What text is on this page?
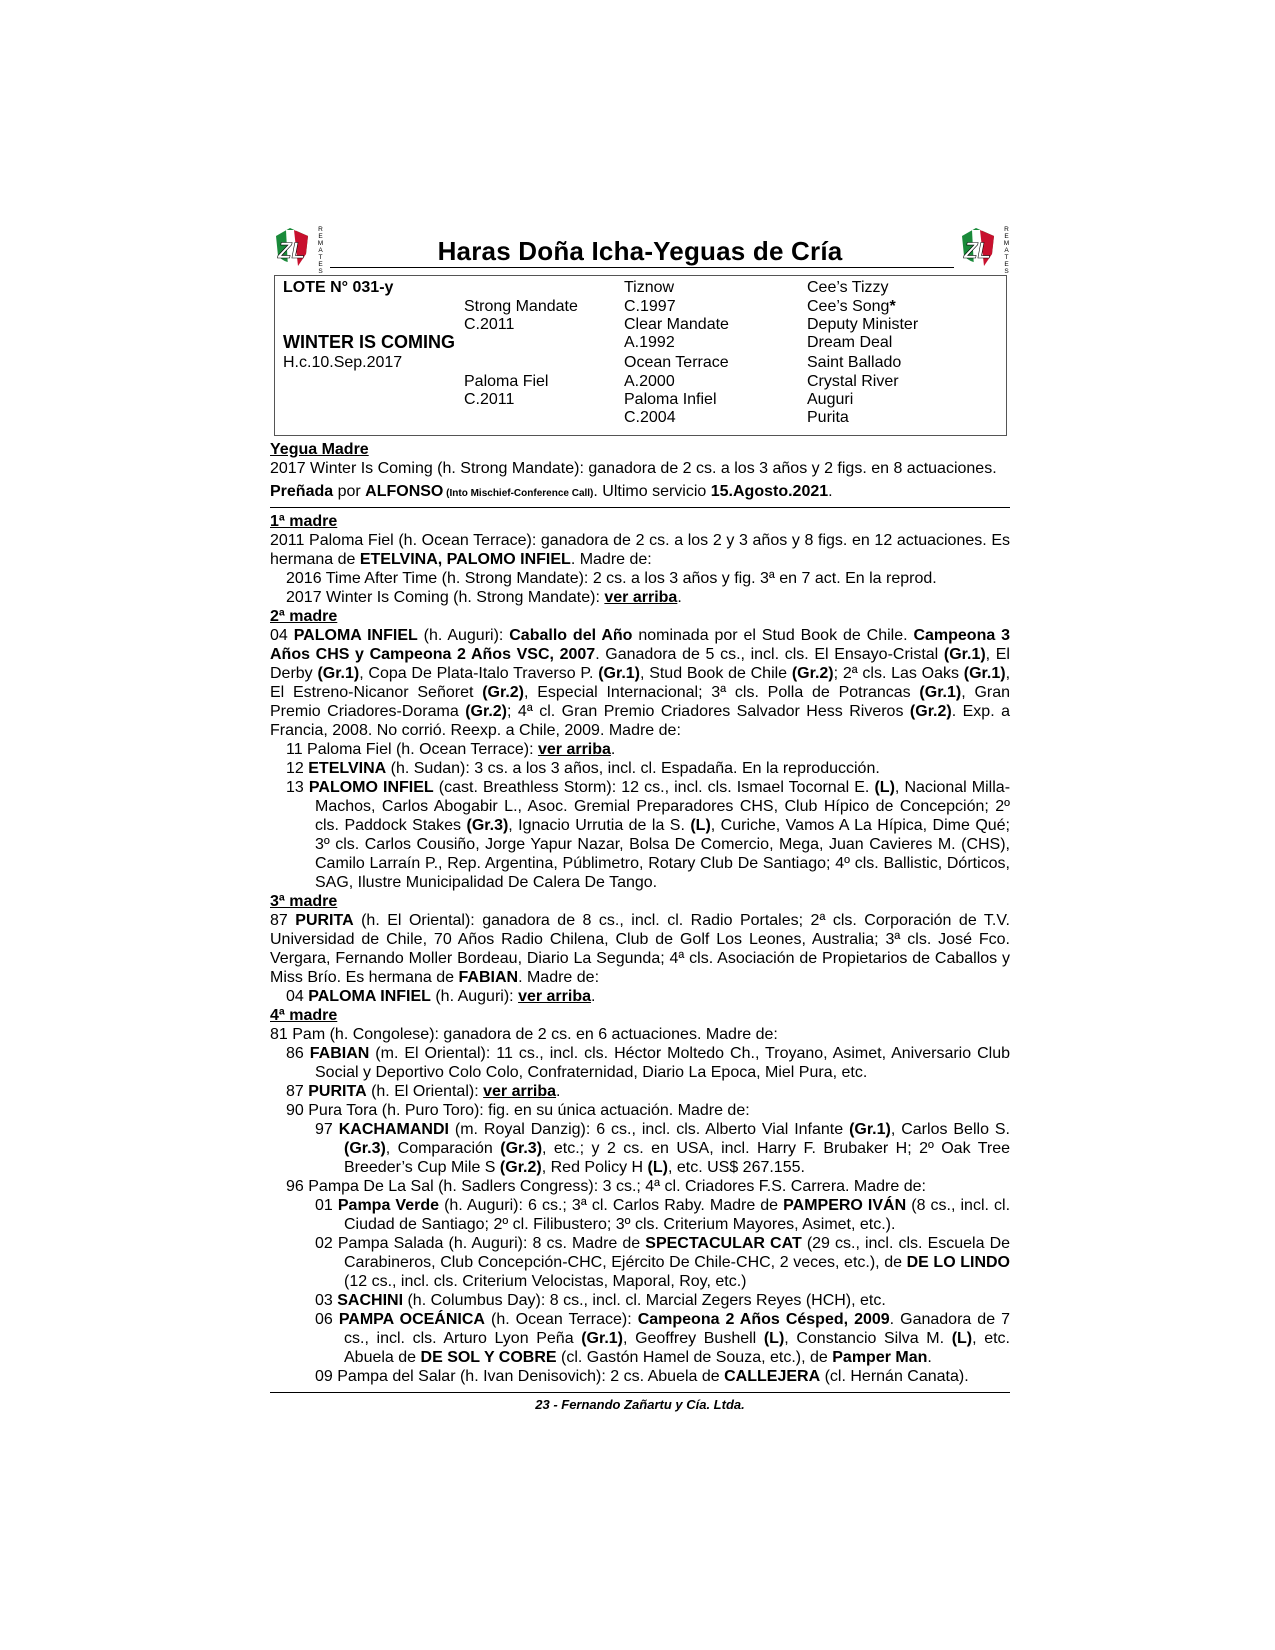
ZL
R
E
M
A
T
E
S
Haras Doña Icha-Yeguas de Cría	ZL
R
E
M
A
T
E
S
LOTE N° 031-y
WINTER IS COMING
H.c.10.Sep.2017
Strong Mandate
C.2011
Paloma Fiel
C.2011
Tiznow
C.1997
Clear Mandate
A.1992
Ocean Terrace
A.2000
Paloma Infiel
C.2004
Cee’s Tizzy
Cee’s Song*
Deputy Minister
Dream Deal
Saint Ballado
Crystal River
Auguri
Purita
Yegua Madre

2017 Winter Is Coming (h. Strong Mandate): ganadora de 2 cs. a los 3 años y 2 figs. en 8 actuaciones.

Preñada por ALFONSO (Into Mischief-Conference Call). Ultimo servicio 15.Agosto.2021.

1ª madre

2011 Paloma Fiel (h. Ocean Terrace): ganadora de 2 cs. a los 2 y 3 años y 8 figs. en 12 actuaciones. Es hermana de ETELVINA, PALOMO INFIEL. Madre de:

2016 Time After Time (h. Strong Mandate): 2 cs. a los 3 años y fig. 3ª en 7 act. En la reprod.

2017 Winter Is Coming (h. Strong Mandate): ver arriba.

2ª madre

04 PALOMA INFIEL (h. Auguri): Caballo del Año nominada por el Stud Book de Chile. Campeona 3 Años CHS y Campeona 2 Años VSC, 2007. Ganadora de 5 cs., incl. cls. El Ensayo-Cristal (Gr.1), El Derby (Gr.1), Copa De Plata-Italo Traverso P. (Gr.1), Stud Book de Chile (Gr.2); 2ª cls. Las Oaks (Gr.1), El Estreno-Nicanor Señoret (Gr.2), Especial Internacional; 3ª cls. Polla de Potrancas (Gr.1), Gran Premio Criadores-Dorama (Gr.2); 4ª cl. Gran Premio Criadores Salvador Hess Riveros (Gr.2). Exp. a Francia, 2008. No corrió. Reexp. a Chile, 2009. Madre de:

11 Paloma Fiel (h. Ocean Terrace): ver arriba.

12 ETELVINA (h. Sudan): 3 cs. a los 3 años, incl. cl. Espadaña. En la reproducción.

13 PALOMO INFIEL (cast. Breathless Storm): 12 cs., incl. cls. Ismael Tocornal E. (L), Nacional Milla-Machos, Carlos Abogabir L., Asoc. Gremial Preparadores CHS, Club Hípico de Concepción; 2º cls. Paddock Stakes (Gr.3), Ignacio Urrutia de la S. (L), Curiche, Vamos A La Hípica, Dime Qué; 3º cls. Carlos Cousiño, Jorge Yapur Nazar, Bolsa De Comercio, Mega, Juan Cavieres M. (CHS), Camilo Larraín P., Rep. Argentina, Públimetro, Rotary Club De Santiago; 4º cls. Ballistic, Dórticos, SAG, Ilustre Municipalidad De Calera De Tango.

3ª madre

87 PURITA (h. El Oriental): ganadora de 8 cs., incl. cl. Radio Portales; 2ª cls. Corporación de T.V. Universidad de Chile, 70 Años Radio Chilena, Club de Golf Los Leones, Australia; 3ª cls. José Fco. Vergara, Fernando Moller Bordeau, Diario La Segunda; 4ª cls. Asociación de Propietarios de Caballos y Miss Brío. Es hermana de FABIAN. Madre de:

04 PALOMA INFIEL (h. Auguri): ver arriba.

4ª madre

81 Pam (h. Congolese): ganadora de 2 cs. en 6 actuaciones. Madre de:

86 FABIAN (m. El Oriental): 11 cs., incl. cls. Héctor Moltedo Ch., Troyano, Asimet, Aniversario Club Social y Deportivo Colo Colo, Confraternidad, Diario La Epoca, Miel Pura, etc.

87 PURITA (h. El Oriental): ver arriba.

90 Pura Tora (h. Puro Toro): fig. en su única actuación. Madre de:

97 KACHAMANDI (m. Royal Danzig): 6 cs., incl. cls. Alberto Vial Infante (Gr.1), Carlos Bello S. (Gr.3), Comparación (Gr.3), etc.; y 2 cs. en USA, incl. Harry F. Brubaker H; 2º Oak Tree Breeder’s Cup Mile S (Gr.2), Red Policy H (L), etc. US$ 267.155.

96 Pampa De La Sal (h. Sadlers Congress): 3 cs.; 4ª cl. Criadores F.S. Carrera. Madre de:

01 Pampa Verde (h. Auguri): 6 cs.; 3ª cl. Carlos Raby. Madre de PAMPERO IVÁN (8 cs., incl. cl. Ciudad de Santiago; 2º cl. Filibustero; 3º cls. Criterium Mayores, Asimet, etc.).

02 Pampa Salada (h. Auguri): 8 cs. Madre de SPECTACULAR CAT (29 cs., incl. cls. Escuela De Carabineros, Club Concepción-CHC, Ejército De Chile-CHC, 2 veces, etc.), de DE LO LINDO (12 cs., incl. cls. Criterium Velocistas, Maporal, Roy, etc.)

03 SACHINI (h. Columbus Day): 8 cs., incl. cl. Marcial Zegers Reyes (HCH), etc.

06 PAMPA OCEÁNICA (h. Ocean Terrace): Campeona 2 Años Césped, 2009. Ganadora de 7 cs., incl. cls. Arturo Lyon Peña (Gr.1), Geoffrey Bushell (L), Constancio Silva M. (L), etc. Abuela de DE SOL Y COBRE (cl. Gastón Hamel de Souza, etc.), de Pamper Man.

09 Pampa del Salar (h. Ivan Denisovich): 2 cs. Abuela de CALLEJERA (cl. Hernán Canata).

23 - Fernando Zañartu y Cía. Ltda.
